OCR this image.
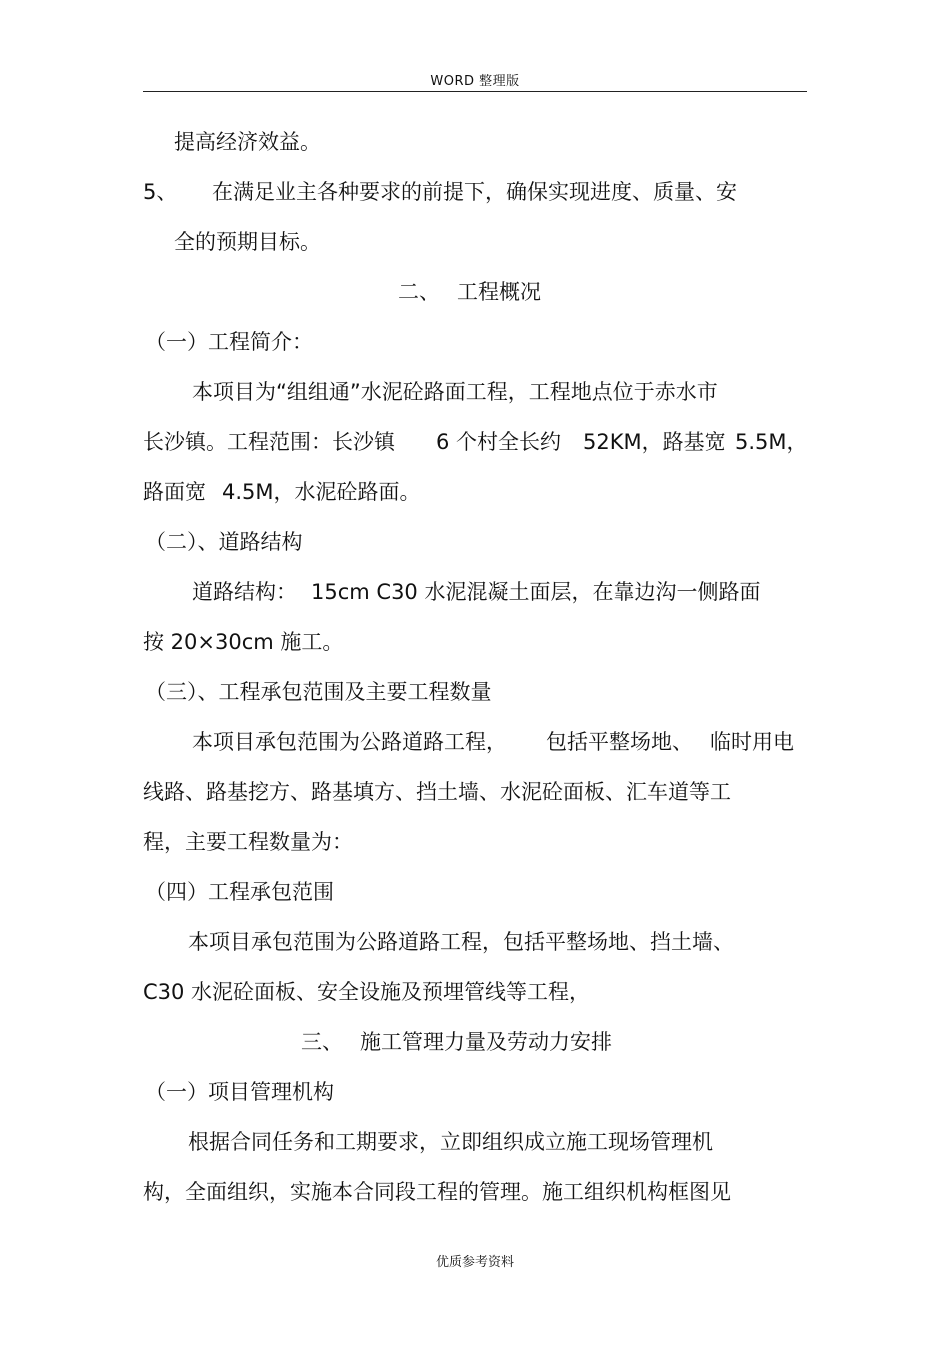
WORD 整理版
提高经济效益。
5、 在满足业主各种要求的前提下，确保实现进度、质量、安
全的预期目标。
二、 工程概况
（一）工程简介：
本项目为“组组通”水泥砼路面工程，工程地点位于赤水市
长沙镇。工程范围：长沙镇 6 个村全长约 52KM，路基宽 5.5M，
路面宽 4.5M，水泥砼路面。
（二）、道路结构
道路结构： 15cm C30 水泥混凝土面层，在靠边沟一侧路面
按 20×30cm 施工。
（三）、工程承包范围及主要工程数量
本项目承包范围为公路道路工程， 包括平整场地、 临时用电
线路、路基挖方、路基填方、挡土墙、水泥砼面板、汇车道等工
程，主要工程数量为：
（四）工程承包范围
本项目承包范围为公路道路工程，包括平整场地、挡土墙、
C30 水泥砼面板、安全设施及预埋管线等工程，
三、 施工管理力量及劳动力安排
（一）项目管理机构
根据合同任务和工期要求，立即组织成立施工现场管理机
构，全面组织，实施本合同段工程的管理。施工组织机构框图见
优质参考资料
